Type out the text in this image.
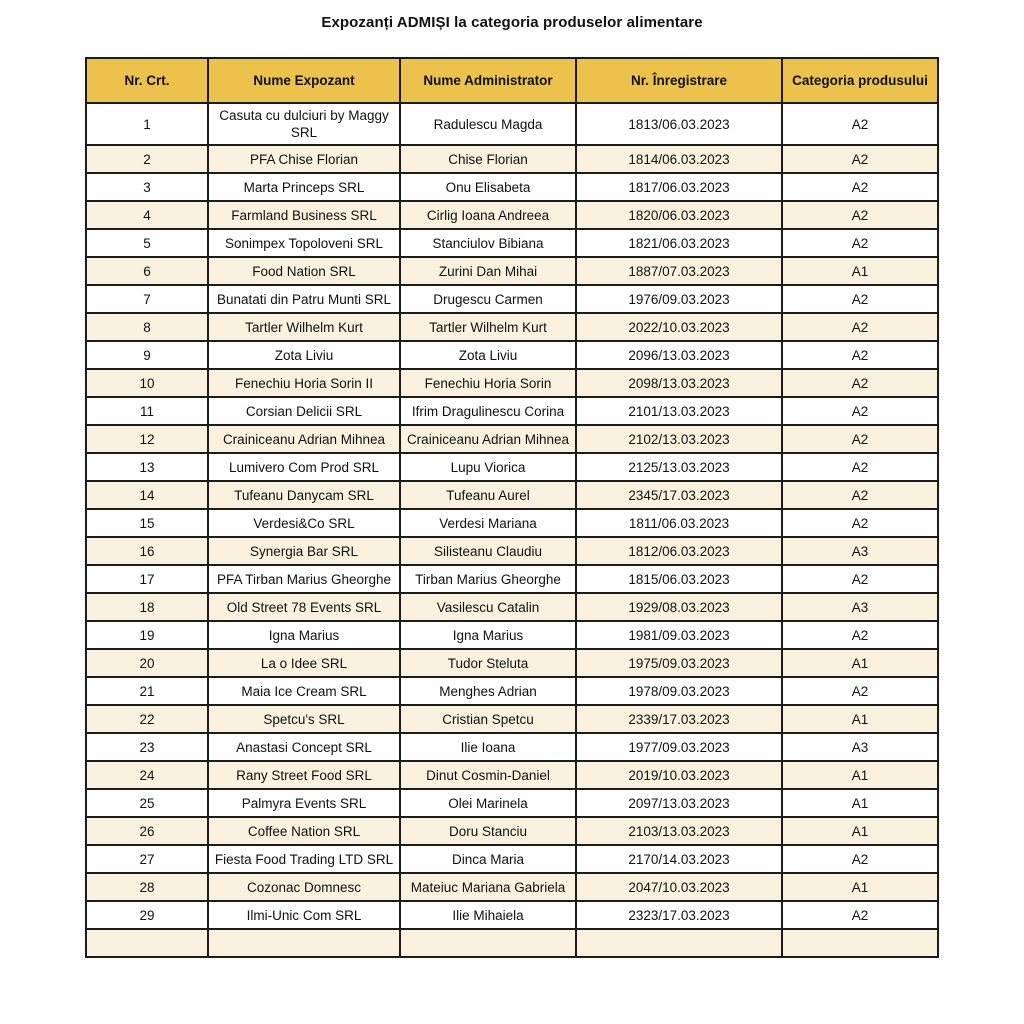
Expozanți ADMIȘI la categoria produselor alimentare
Nr. Crt.	Nume Expozant	Nume Administrator	Nr. Înregistrare	Categoria produsului
1	Casuta cu dulciuri by Maggy SRL	Radulescu Magda	1813/06.03.2023	A2
2	PFA Chise Florian	Chise Florian	1814/06.03.2023	A2
3	Marta Princeps SRL	Onu Elisabeta	1817/06.03.2023	A2
4	Farmland Business SRL	Cirlig Ioana Andreea	1820/06.03.2023	A2
5	Sonimpex Topoloveni SRL	Stanciulov Bibiana	1821/06.03.2023	A2
6	Food Nation SRL	Zurini Dan Mihai	1887/07.03.2023	A1
7	Bunatati din Patru Munti SRL	Drugescu Carmen	1976/09.03.2023	A2
8	Tartler Wilhelm Kurt	Tartler Wilhelm Kurt	2022/10.03.2023	A2
9	Zota Liviu	Zota Liviu	2096/13.03.2023	A2
10	Fenechiu Horia Sorin II	Fenechiu Horia Sorin	2098/13.03.2023	A2
11	Corsian Delicii SRL	Ifrim Dragulinescu Corina	2101/13.03.2023	A2
12	Crainiceanu Adrian Mihnea	Crainiceanu Adrian Mihnea	2102/13.03.2023	A2
13	Lumivero Com Prod SRL	Lupu Viorica	2125/13.03.2023	A2
14	Tufeanu Danycam SRL	Tufeanu Aurel	2345/17.03.2023	A2
15	Verdesi&Co SRL	Verdesi Mariana	1811/06.03.2023	A2
16	Synergia Bar SRL	Silisteanu Claudiu	1812/06.03.2023	A3
17	PFA Tirban Marius Gheorghe	Tirban Marius Gheorghe	1815/06.03.2023	A2
18	Old Street 78 Events SRL	Vasilescu Catalin	1929/08.03.2023	A3
19	Igna Marius	Igna Marius	1981/09.03.2023	A2
20	La o Idee SRL	Tudor Steluta	1975/09.03.2023	A1
21	Maia Ice Cream SRL	Menghes Adrian	1978/09.03.2023	A2
22	Spetcu's SRL	Cristian Spetcu	2339/17.03.2023	A1
23	Anastasi Concept SRL	Ilie Ioana	1977/09.03.2023	A3
24	Rany Street Food SRL	Dinut Cosmin-Daniel	2019/10.03.2023	A1
25	Palmyra Events SRL	Olei Marinela	2097/13.03.2023	A1
26	Coffee Nation SRL	Doru Stanciu	2103/13.03.2023	A1
27	Fiesta Food Trading LTD SRL	Dinca Maria	2170/14.03.2023	A2
28	Cozonac Domnesc	Mateiuc Mariana Gabriela	2047/10.03.2023	A1
29	Ilmi-Unic Com SRL	Ilie Mihaiela	2323/17.03.2023	A2
